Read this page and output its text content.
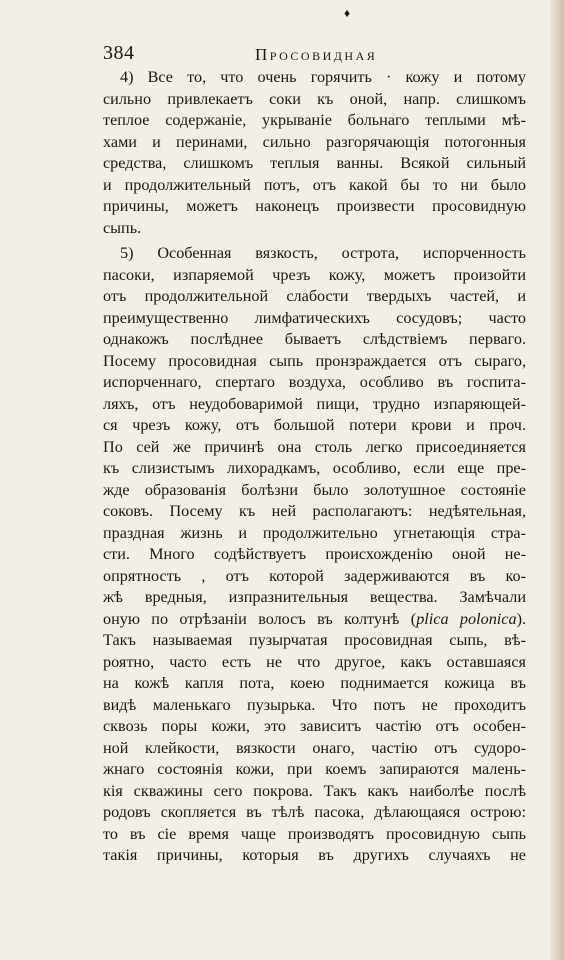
♦
384	Просовидная
4) Все то, что очень горячить · кожу и потому
сильно привлекаетъ соки къ оной, напр. слишкомъ
теплое содержаніе, укрываніе больнаго теплыми мѣ-
хами и перинами, сильно разгорячающія потогонныя
средства, слишкомъ теплыя ванны. Всякой сильный
и продолжительный потъ, отъ какой бы то ни было
причины, можетъ наконецъ произвести просовидную
сыпь.
5) Особенная вязкость, острота, испорченность
пасоки, изпаряемой чрезъ кожу, можетъ произойти
отъ продолжительной слабости твердыхъ частей, и
преимущественно лимфатическихъ сосудовъ; часто
однакожъ послѣднее бываетъ слѣдствіемъ перваго.
Посему просовидная сыпь пронзраждается отъ сыраго,
испорченнаго, спертаго воздуха, особливо въ госпита-
ляхъ, отъ неудобоваримой пищи, трудно изпаряющей-
ся чрезъ кожу, отъ большой потери крови и проч.
По сей же причинѣ она столь легко присоединяется
къ слизистымъ лихорадкамъ, особливо, если еще пре-
жде образованія болѣзни было золотушное состояніе
соковъ. Посему къ ней располагаютъ: недѣятельная,
праздная жизнь и продолжительно угнетающія стра-
сти. Много содѣйствуетъ происхожденію оной не-
опрятность , отъ которой задерживаются въ ко-
жѣ вредныя, изпразнительныя вещества. Замѣчали
оную по отрѣзаніи волосъ въ колтунѣ (plica polonica).
Такъ называемая пузырчатая просовидная сыпь, вѣ-
роятно, часто есть не что другое, какъ оставшаяся
на кожѣ капля пота, коею поднимается кожица въ
видѣ маленькаго пузырька. Что потъ не проходитъ
сквозь поры кожи, это зависитъ частію отъ особен-
ной клейкости, вязкости онаго, частію отъ судоро-
жнаго состоянія кожи, при коемъ запираются малень-
кія скважины сего покрова. Такъ какъ наиболѣе послѣ
родовъ скопляется въ тѣлѣ пасока, дѣлающаяся острою:
то въ сіе время чаще производятъ просовидную сыпь
такія причины, которыя въ другихъ случаяхъ не
